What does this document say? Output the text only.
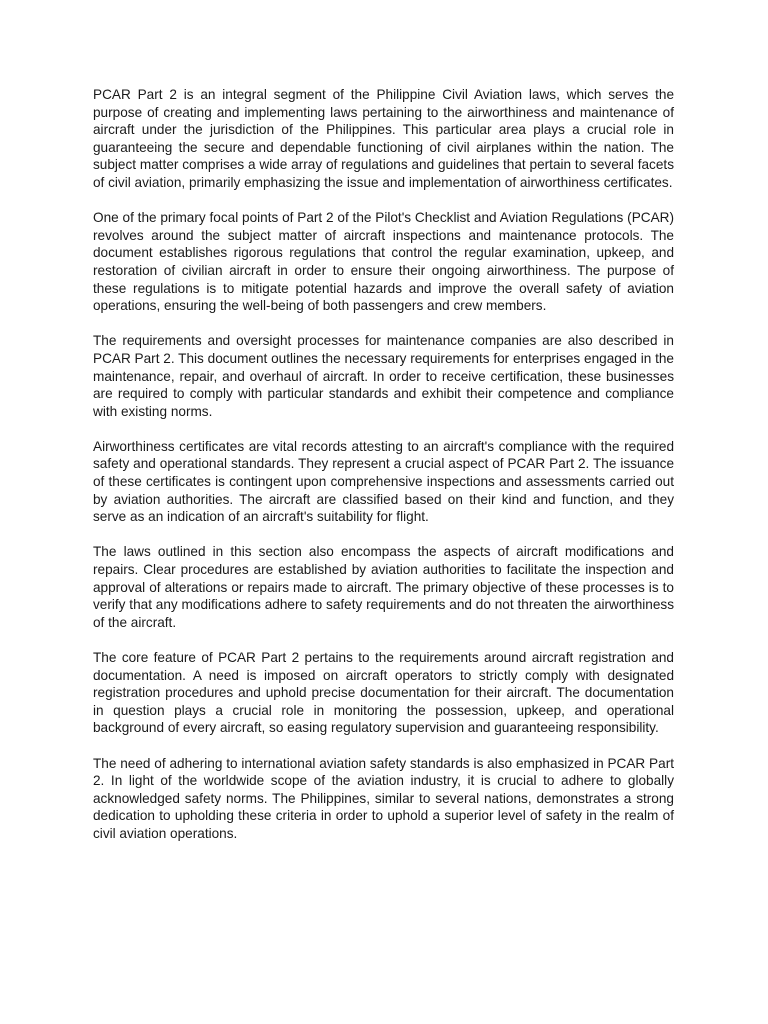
PCAR Part 2 is an integral segment of the Philippine Civil Aviation laws, which serves the purpose of creating and implementing laws pertaining to the airworthiness and maintenance of aircraft under the jurisdiction of the Philippines. This particular area plays a crucial role in guaranteeing the secure and dependable functioning of civil airplanes within the nation. The subject matter comprises a wide array of regulations and guidelines that pertain to several facets of civil aviation, primarily emphasizing the issue and implementation of airworthiness certificates.

One of the primary focal points of Part 2 of the Pilot's Checklist and Aviation Regulations (PCAR) revolves around the subject matter of aircraft inspections and maintenance protocols. The document establishes rigorous regulations that control the regular examination, upkeep, and restoration of civilian aircraft in order to ensure their ongoing airworthiness. The purpose of these regulations is to mitigate potential hazards and improve the overall safety of aviation operations, ensuring the well-being of both passengers and crew members.

The requirements and oversight processes for maintenance companies are also described in PCAR Part 2. This document outlines the necessary requirements for enterprises engaged in the maintenance, repair, and overhaul of aircraft. In order to receive certification, these businesses are required to comply with particular standards and exhibit their competence and compliance with existing norms.

Airworthiness certificates are vital records attesting to an aircraft's compliance with the required safety and operational standards. They represent a crucial aspect of PCAR Part 2. The issuance of these certificates is contingent upon comprehensive inspections and assessments carried out by aviation authorities. The aircraft are classified based on their kind and function, and they serve as an indication of an aircraft's suitability for flight.

The laws outlined in this section also encompass the aspects of aircraft modifications and repairs. Clear procedures are established by aviation authorities to facilitate the inspection and approval of alterations or repairs made to aircraft. The primary objective of these processes is to verify that any modifications adhere to safety requirements and do not threaten the airworthiness of the aircraft.

The core feature of PCAR Part 2 pertains to the requirements around aircraft registration and documentation. A need is imposed on aircraft operators to strictly comply with designated registration procedures and uphold precise documentation for their aircraft. The documentation in question plays a crucial role in monitoring the possession, upkeep, and operational background of every aircraft, so easing regulatory supervision and guaranteeing responsibility.

The need of adhering to international aviation safety standards is also emphasized in PCAR Part 2. In light of the worldwide scope of the aviation industry, it is crucial to adhere to globally acknowledged safety norms. The Philippines, similar to several nations, demonstrates a strong dedication to upholding these criteria in order to uphold a superior level of safety in the realm of civil aviation operations.
